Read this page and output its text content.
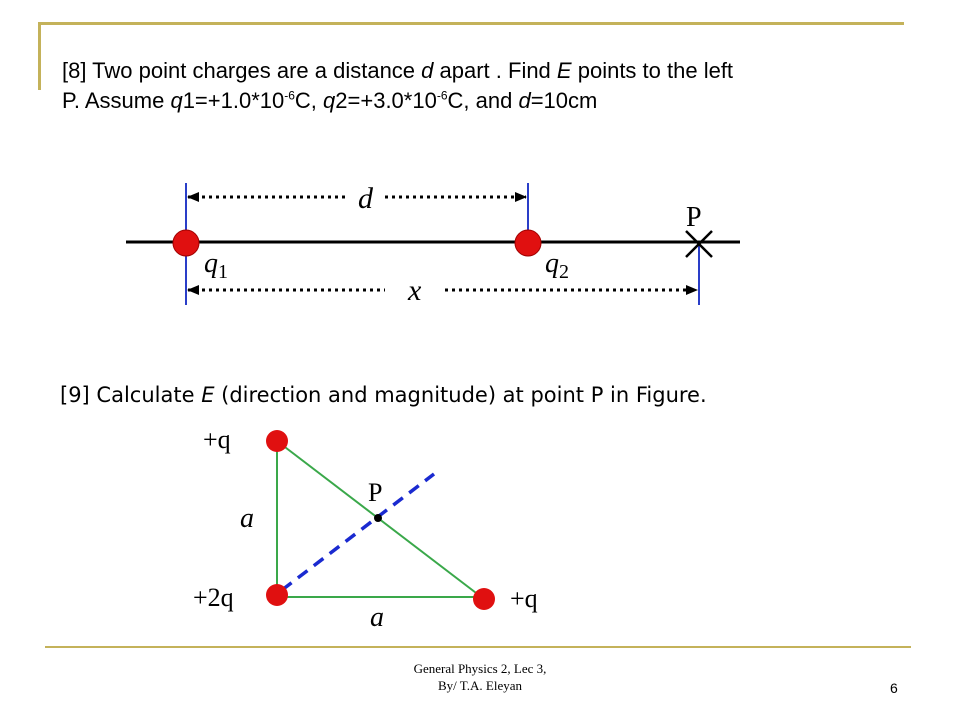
[8] Two point charges are a distance d apart . Find E points to the left
P. Assume $q1=+1.0*10^{-6}C$, $q2=+3.0*10^{-6}C$, and d=10cm
d
x
P
$q_1$	$q_2$
[9] Calculate E (direction and magnitude) at point P in Figure.
P
+q
a
+2q
a
+q
General Physics 2, Lec 3,
By/ T.A. Eleyan	6
